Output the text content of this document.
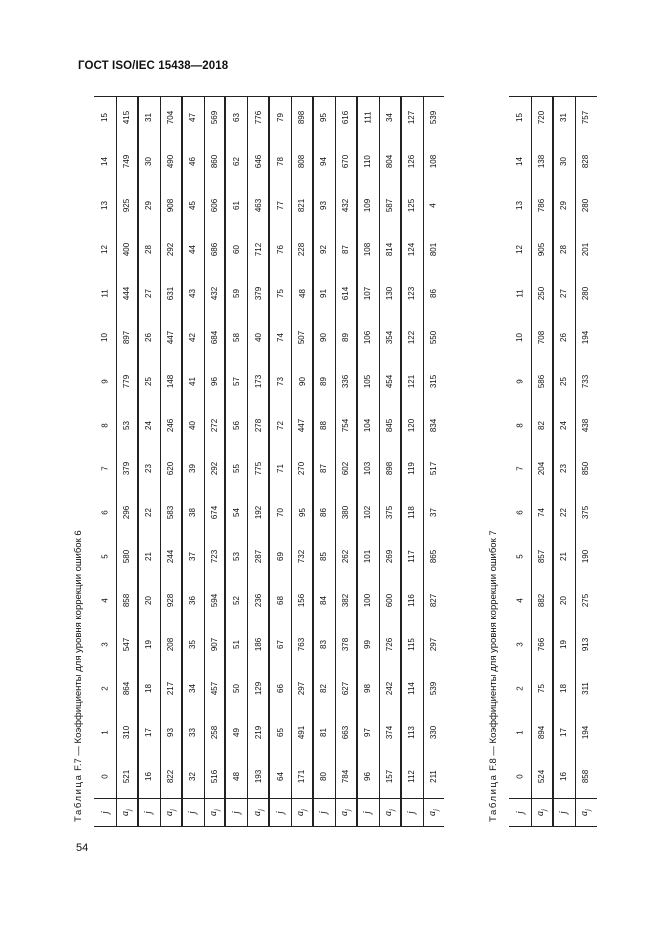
ГОСТ ISO/IEC 15438—2018
Таблица F.7 — Коэффициенты для уровня коррекции ошибок 6
15
14
13
12
11
10
9
8
7
6
5
4
3
2
1
0
j
415
749
925
400
444
897
779
53
379
296
580
858
547
864
310
521
$a_j$
31
30
29
28
27
26
25
24
23
22
21
20
19
18
17
16
j
704
490
908
292
631
447
148
246
620
583
244
928
208
217
93
822
$a_j$
47
46
45
44
43
42
41
40
39
38
37
36
35
34
33
32
j
569
860
606
686
432
684
96
272
292
674
723
594
907
457
258
516
$a_j$
63
62
61
60
59
58
57
56
55
54
53
52
51
50
49
48
j
776
646
463
712
379
40
173
278
775
192
287
236
186
129
219
193
$a_j$
79
78
77
76
75
74
73
72
71
70
69
68
67
66
65
64
j
898
808
821
228
48
507
90
447
270
95
732
156
763
297
491
171
$a_j$
95
94
93
92
91
90
89
88
87
86
85
84
83
82
81
80
j
616
670
432
87
614
89
336
754
602
380
262
382
378
627
663
784
$a_j$
111
110
109
108
107
106
105
104
103
102
101
100
99
98
97
96
j
34
804
587
814
130
354
454
845
898
375
269
600
726
242
374
157
$a_j$
127
126
125
124
123
122
121
120
119
118
117
116
115
114
113
112
j
539
108
4
801
86
550
315
834
517
37
865
827
297
539
330
211
$a_j$	Таблица F.8 — Коэффициенты для уровня коррекции ошибок 7
15
14
13
12
11
10
9
8
7
6
5
4
3
2
1
0
j
720
138
786
905
250
708
586
82
204
74
857
882
766
75
894
524
$a_j$
31
30
29
28
27
26
25
24
23
22
21
20
19
18
17
16
j
757
828
280
201
280
194
733
438
850
375
190
275
913
311
194
858
$a_j$
54
